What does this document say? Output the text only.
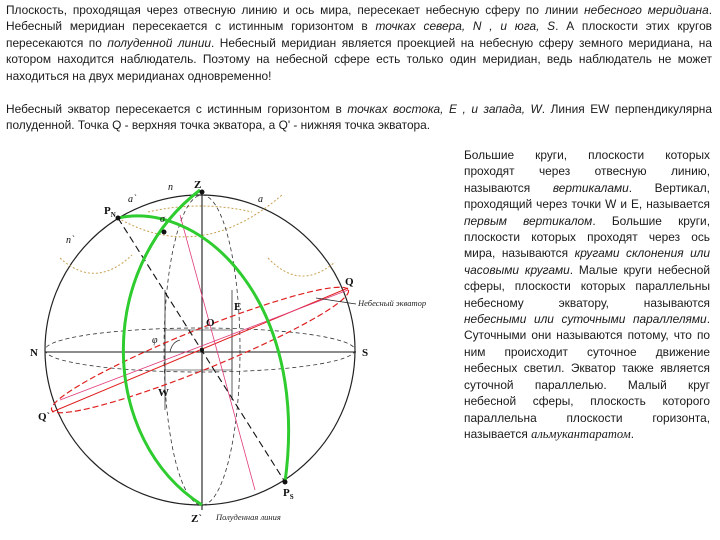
Плоскость, проходящая через отвесную линию и ось мира, пересекает небесную сферу по линии небесного меридиана. Небесный меридиан пересекается с истинным горизонтом в точках севера, N , и юга, S. А плоскости этих кругов пересекаются по полуденной линии. Небесный меридиан является проекцией на небесную сферу земного меридиана, на котором находится наблюдатель. Поэтому на небесной сфере есть только один меридиан, ведь наблюдатель не может находиться на двух меридианах одновременно!
Небесный экватор пересекается с истинным горизонтом в точках востока, E , и запада, W. Линия EW перпендикулярна полуденной. Точка Q - верхняя точка экватора, а Q' - нижняя точка экватора.
Большие круги, плоскости которых проходят через отвесную линию, называются вертикалами. Вертикал, проходящий через точки W и E, называется первым вертикалом. Большие круги, плоскости которых проходят через ось мира, называются кругами склонения или часовыми кругами. Малые круги небесной сферы, плоскости которых параллельны небесному экватору, называются небесными или суточными параллелями. Суточными они называются потому, что по ним происходит суточное движение небесных светил. Экватор также является суточной параллелью. Малый круг небесной сферы, плоскость которого параллельна плоскости горизонта, называется альмукантаратом.
Z
Z`
N	S
Q
Q`
E
W
O
$P_N$
$P_S$
σ
a
a`
n
n`
φ
Небесный экватор
Полуденная линия
